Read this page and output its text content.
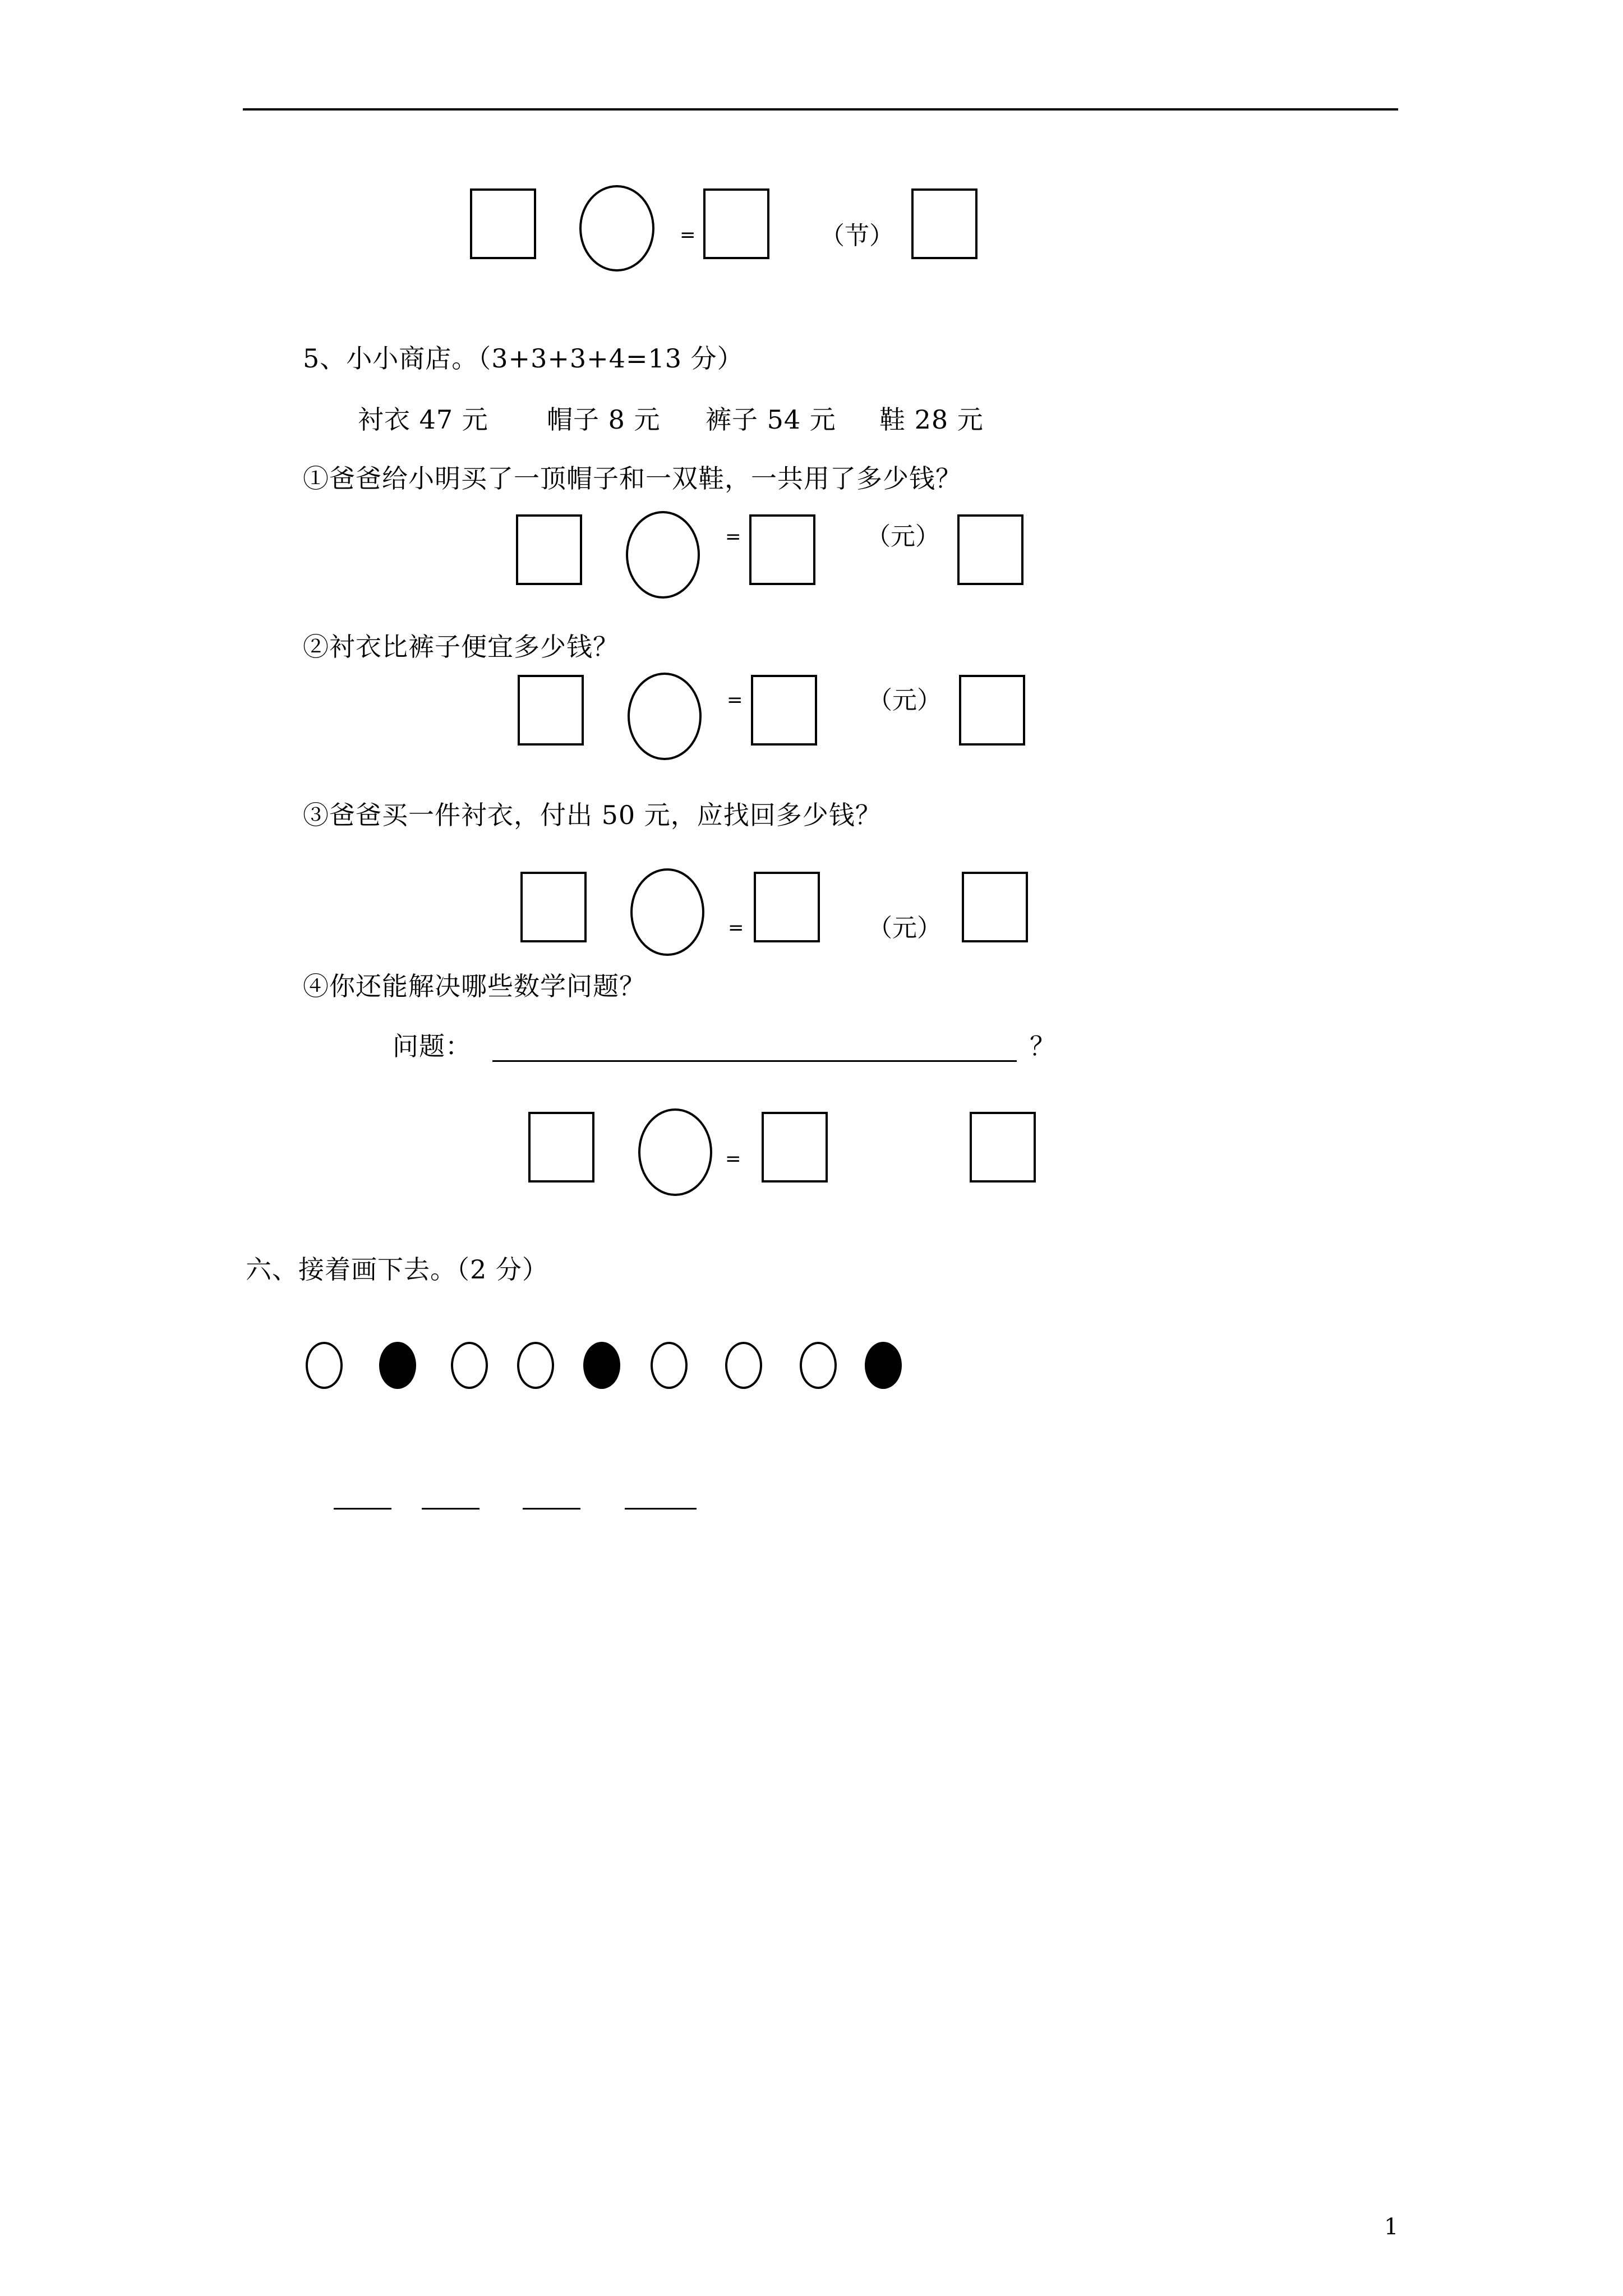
=	（节）
5、小小商店。（3+3+3+4=13 分）
衬衣 47 元 帽子 8 元 裤子 54 元 鞋 28 元
①爸爸给小明买了一顶帽子和一双鞋，一共用了多少钱？
=	（元）
②衬衣比裤子便宜多少钱？
=	（元）
③爸爸买一件衬衣，付出 50 元，应找回多少钱？
=	（元）
④你还能解决哪些数学问题？
问题：	？
=
六、接着画下去。（2 分）
1
